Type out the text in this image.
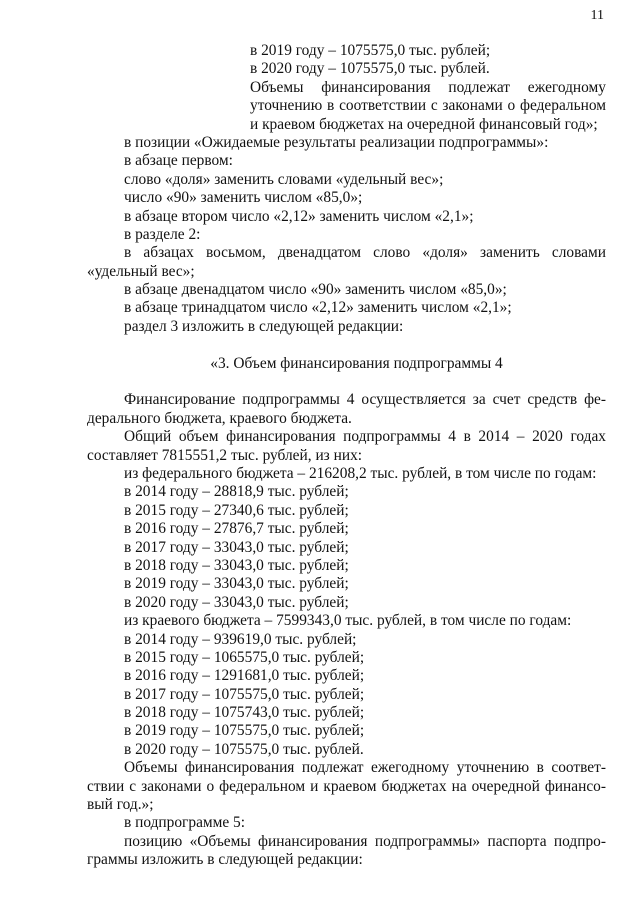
11
в 2019 году – 1075575,0 тыс. рублей;
в 2020 году – 1075575,0 тыс. рублей.
Объемы финансирования подлежат ежегодному
уточнению в соответствии с законами о федеральном
и краевом бюджетах на очередной финансовый год»;
в позиции «Ожидаемые результаты реализации подпрограммы»:
в абзаце первом:
слово «доля» заменить словами «удельный вес»;
число «90» заменить числом «85,0»;
в абзаце втором число «2,12» заменить числом «2,1»;
в разделе 2:
в абзацах восьмом, двенадцатом слово «доля» заменить словами
«удельный вес»;
в абзаце двенадцатом число «90» заменить числом «85,0»;
в абзаце тринадцатом число «2,12» заменить числом «2,1»;
раздел 3 изложить в следующей редакции:
«3. Объем финансирования подпрограммы 4
Финансирование подпрограммы 4 осуществляется за счет средств фе-
дерального бюджета, краевого бюджета.
Общий объем финансирования подпрограммы 4 в 2014 – 2020 годах
составляет 7815551,2 тыс. рублей, из них:
из федерального бюджета – 216208,2 тыс. рублей, в том числе по годам:
в 2014 году – 28818,9 тыс. рублей;
в 2015 году – 27340,6 тыс. рублей;
в 2016 году – 27876,7 тыс. рублей;
в 2017 году – 33043,0 тыс. рублей;
в 2018 году – 33043,0 тыс. рублей;
в 2019 году – 33043,0 тыс. рублей;
в 2020 году – 33043,0 тыс. рублей;
из краевого бюджета – 7599343,0 тыс. рублей, в том числе по годам:
в 2014 году – 939619,0 тыс. рублей;
в 2015 году – 1065575,0 тыс. рублей;
в 2016 году – 1291681,0 тыс. рублей;
в 2017 году – 1075575,0 тыс. рублей;
в 2018 году – 1075743,0 тыс. рублей;
в 2019 году – 1075575,0 тыс. рублей;
в 2020 году – 1075575,0 тыс. рублей.
Объемы финансирования подлежат ежегодному уточнению в соответ-
ствии с законами о федеральном и краевом бюджетах на очередной финансо-
вый год.»;
в подпрограмме 5:
позицию «Объемы финансирования подпрограммы» паспорта подпро-
граммы изложить в следующей редакции:
